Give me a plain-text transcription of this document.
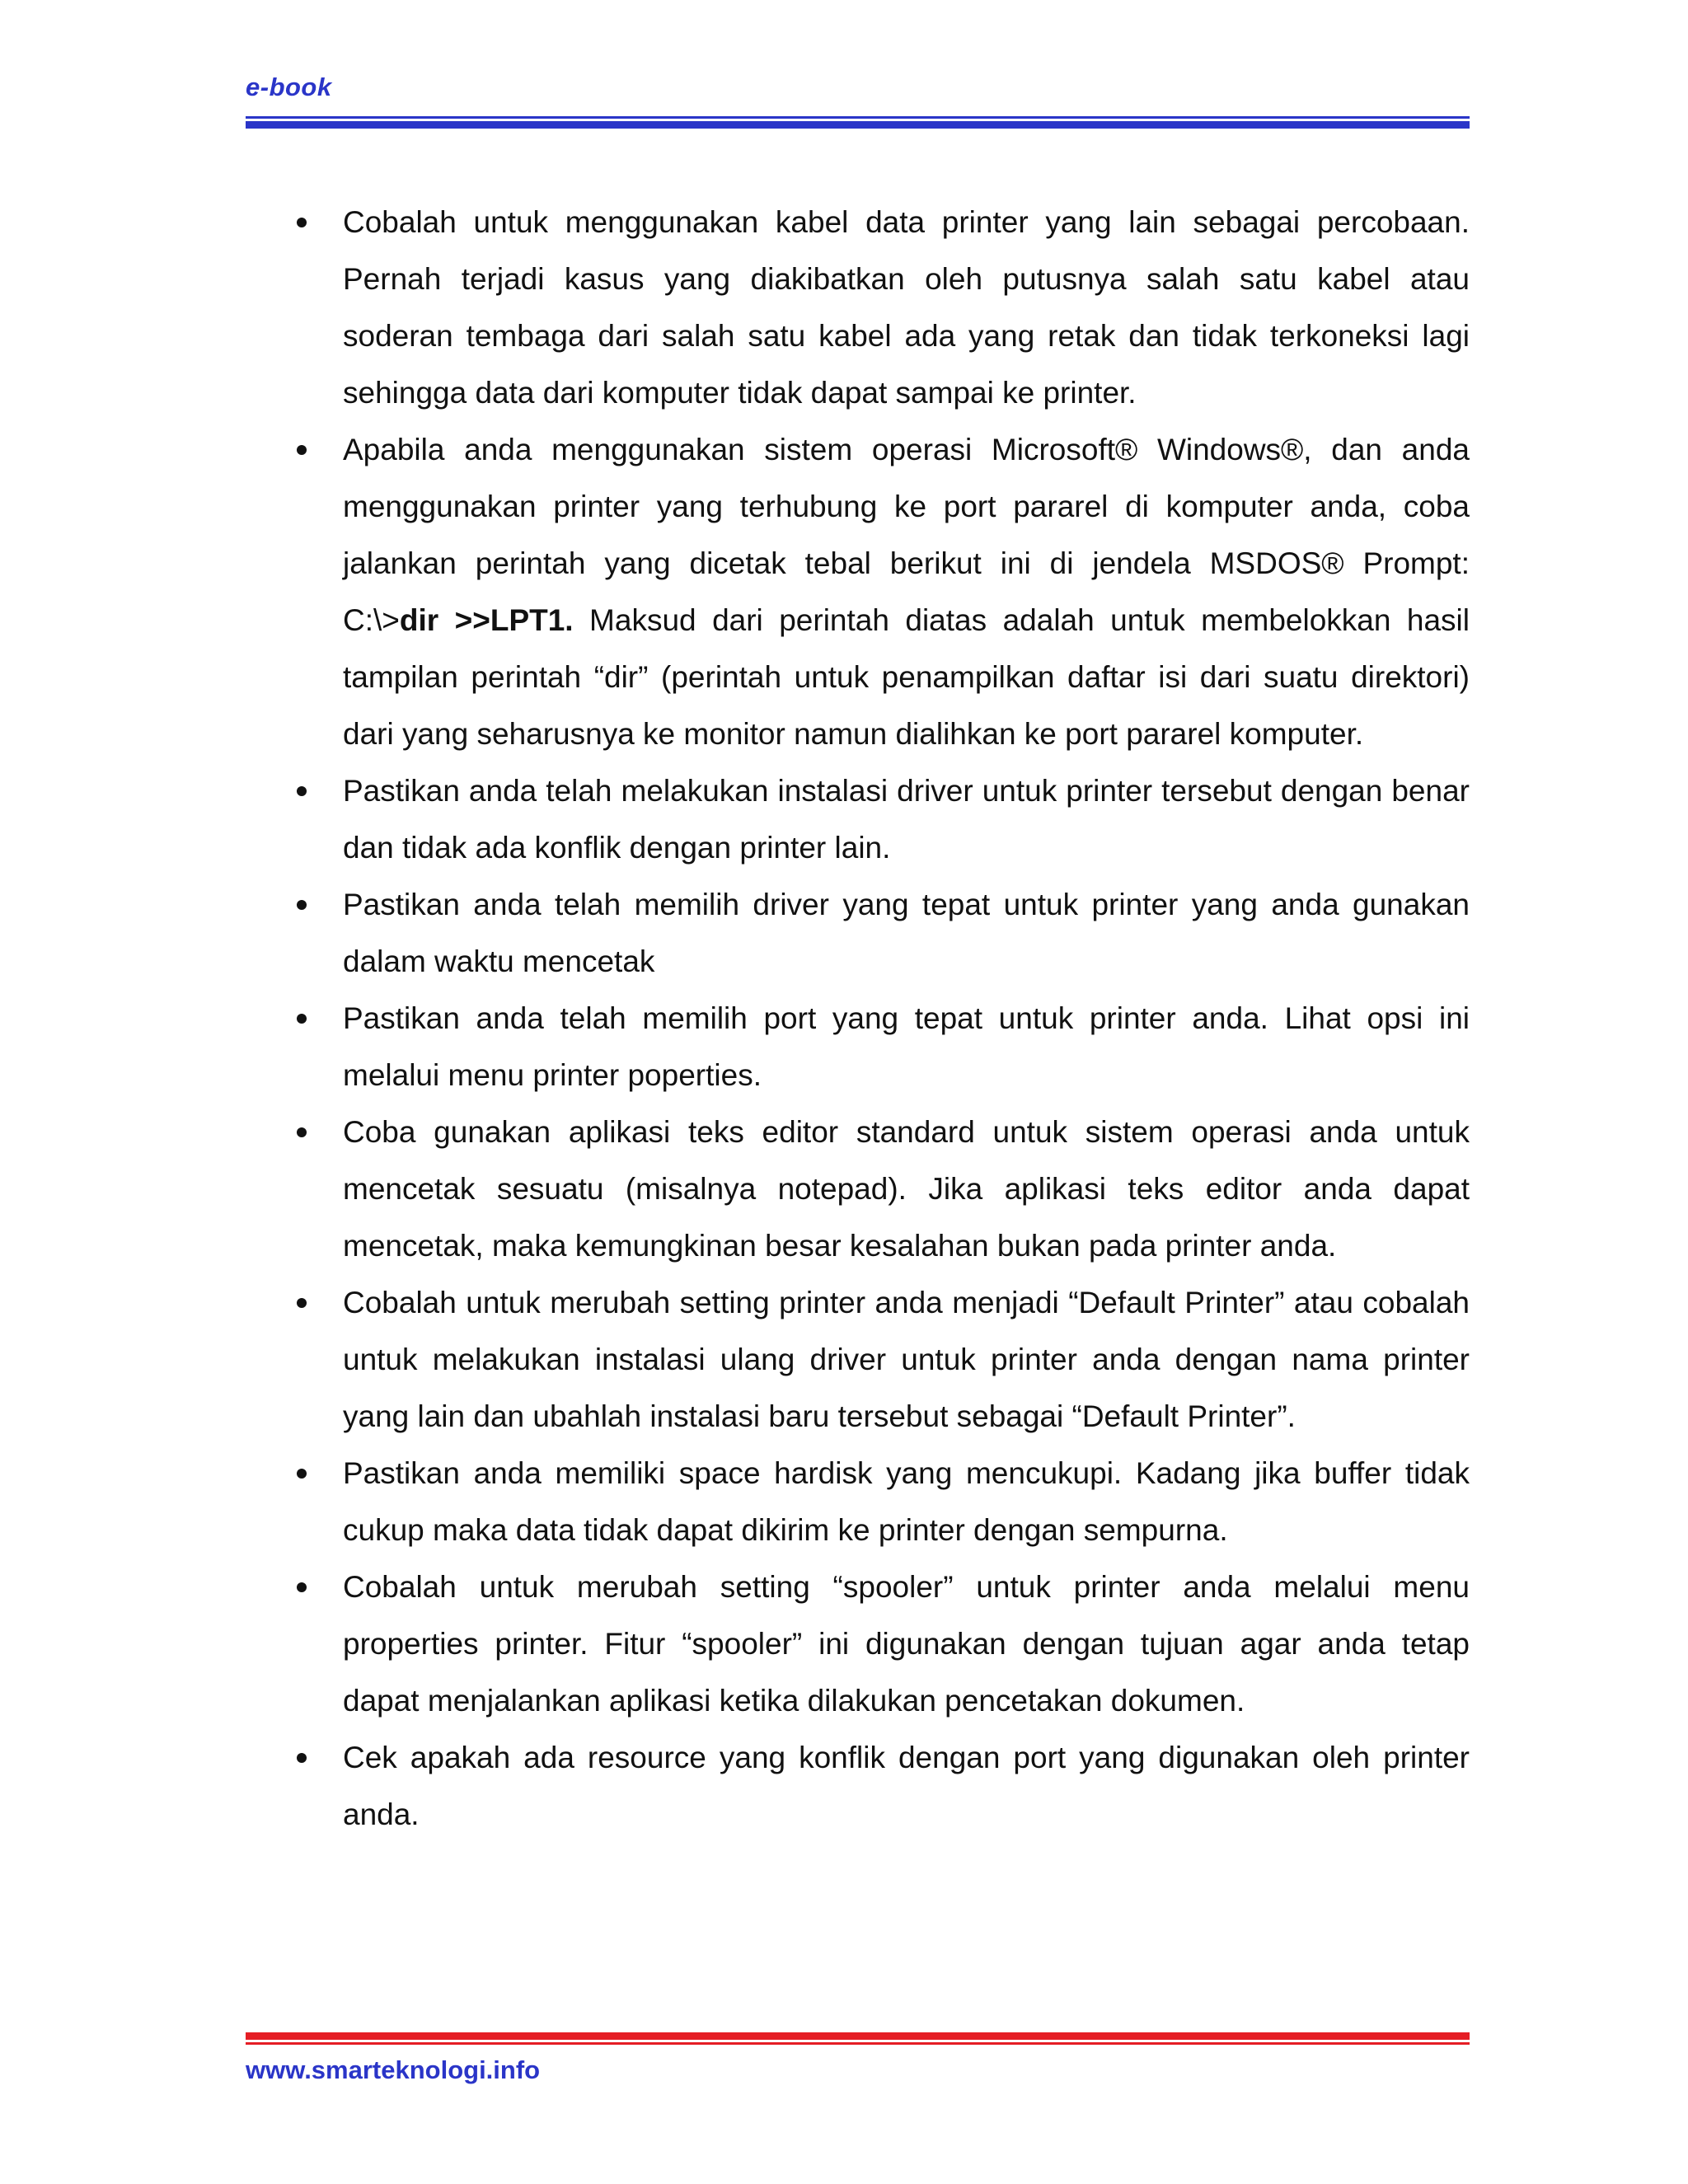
e-book
Cobalah untuk menggunakan kabel data printer yang lain sebagai percobaan. Pernah terjadi kasus yang diakibatkan oleh putusnya salah satu kabel atau soderan tembaga dari salah satu kabel ada yang retak dan tidak terkoneksi lagi sehingga data dari komputer tidak dapat sampai ke printer.
Apabila anda menggunakan sistem operasi Microsoft® Windows®, dan anda menggunakan printer yang terhubung ke port pararel di komputer anda, coba jalankan perintah yang dicetak tebal berikut ini di jendela MSDOS® Prompt: C:\>dir >>LPT1. Maksud dari perintah diatas adalah untuk membelokkan hasil tampilan perintah “dir” (perintah untuk penampilkan daftar isi dari suatu direktori) dari yang seharusnya ke monitor namun dialihkan ke port pararel komputer.
Pastikan anda telah melakukan instalasi driver untuk printer tersebut dengan benar dan tidak ada konflik dengan printer lain.
Pastikan anda telah memilih driver yang tepat untuk printer yang anda gunakan dalam waktu mencetak
Pastikan anda telah memilih port yang tepat untuk printer anda. Lihat opsi ini melalui menu printer poperties.
Coba gunakan aplikasi teks editor standard untuk sistem operasi anda untuk mencetak sesuatu (misalnya notepad). Jika aplikasi teks editor anda dapat mencetak, maka kemungkinan besar kesalahan bukan pada printer anda.
Cobalah untuk merubah setting printer anda menjadi “Default Printer” atau cobalah untuk melakukan instalasi ulang driver untuk printer anda dengan nama printer yang lain dan ubahlah instalasi baru tersebut sebagai “Default Printer”.
Pastikan anda memiliki space hardisk yang mencukupi. Kadang jika buffer tidak cukup maka data tidak dapat dikirim ke printer dengan sempurna.
Cobalah untuk merubah setting “spooler” untuk printer anda melalui menu properties printer. Fitur “spooler” ini digunakan dengan tujuan agar anda tetap dapat menjalankan aplikasi ketika dilakukan pencetakan dokumen.
Cek apakah ada resource yang konflik dengan port yang digunakan oleh printer anda.
www.smarteknologi.info
